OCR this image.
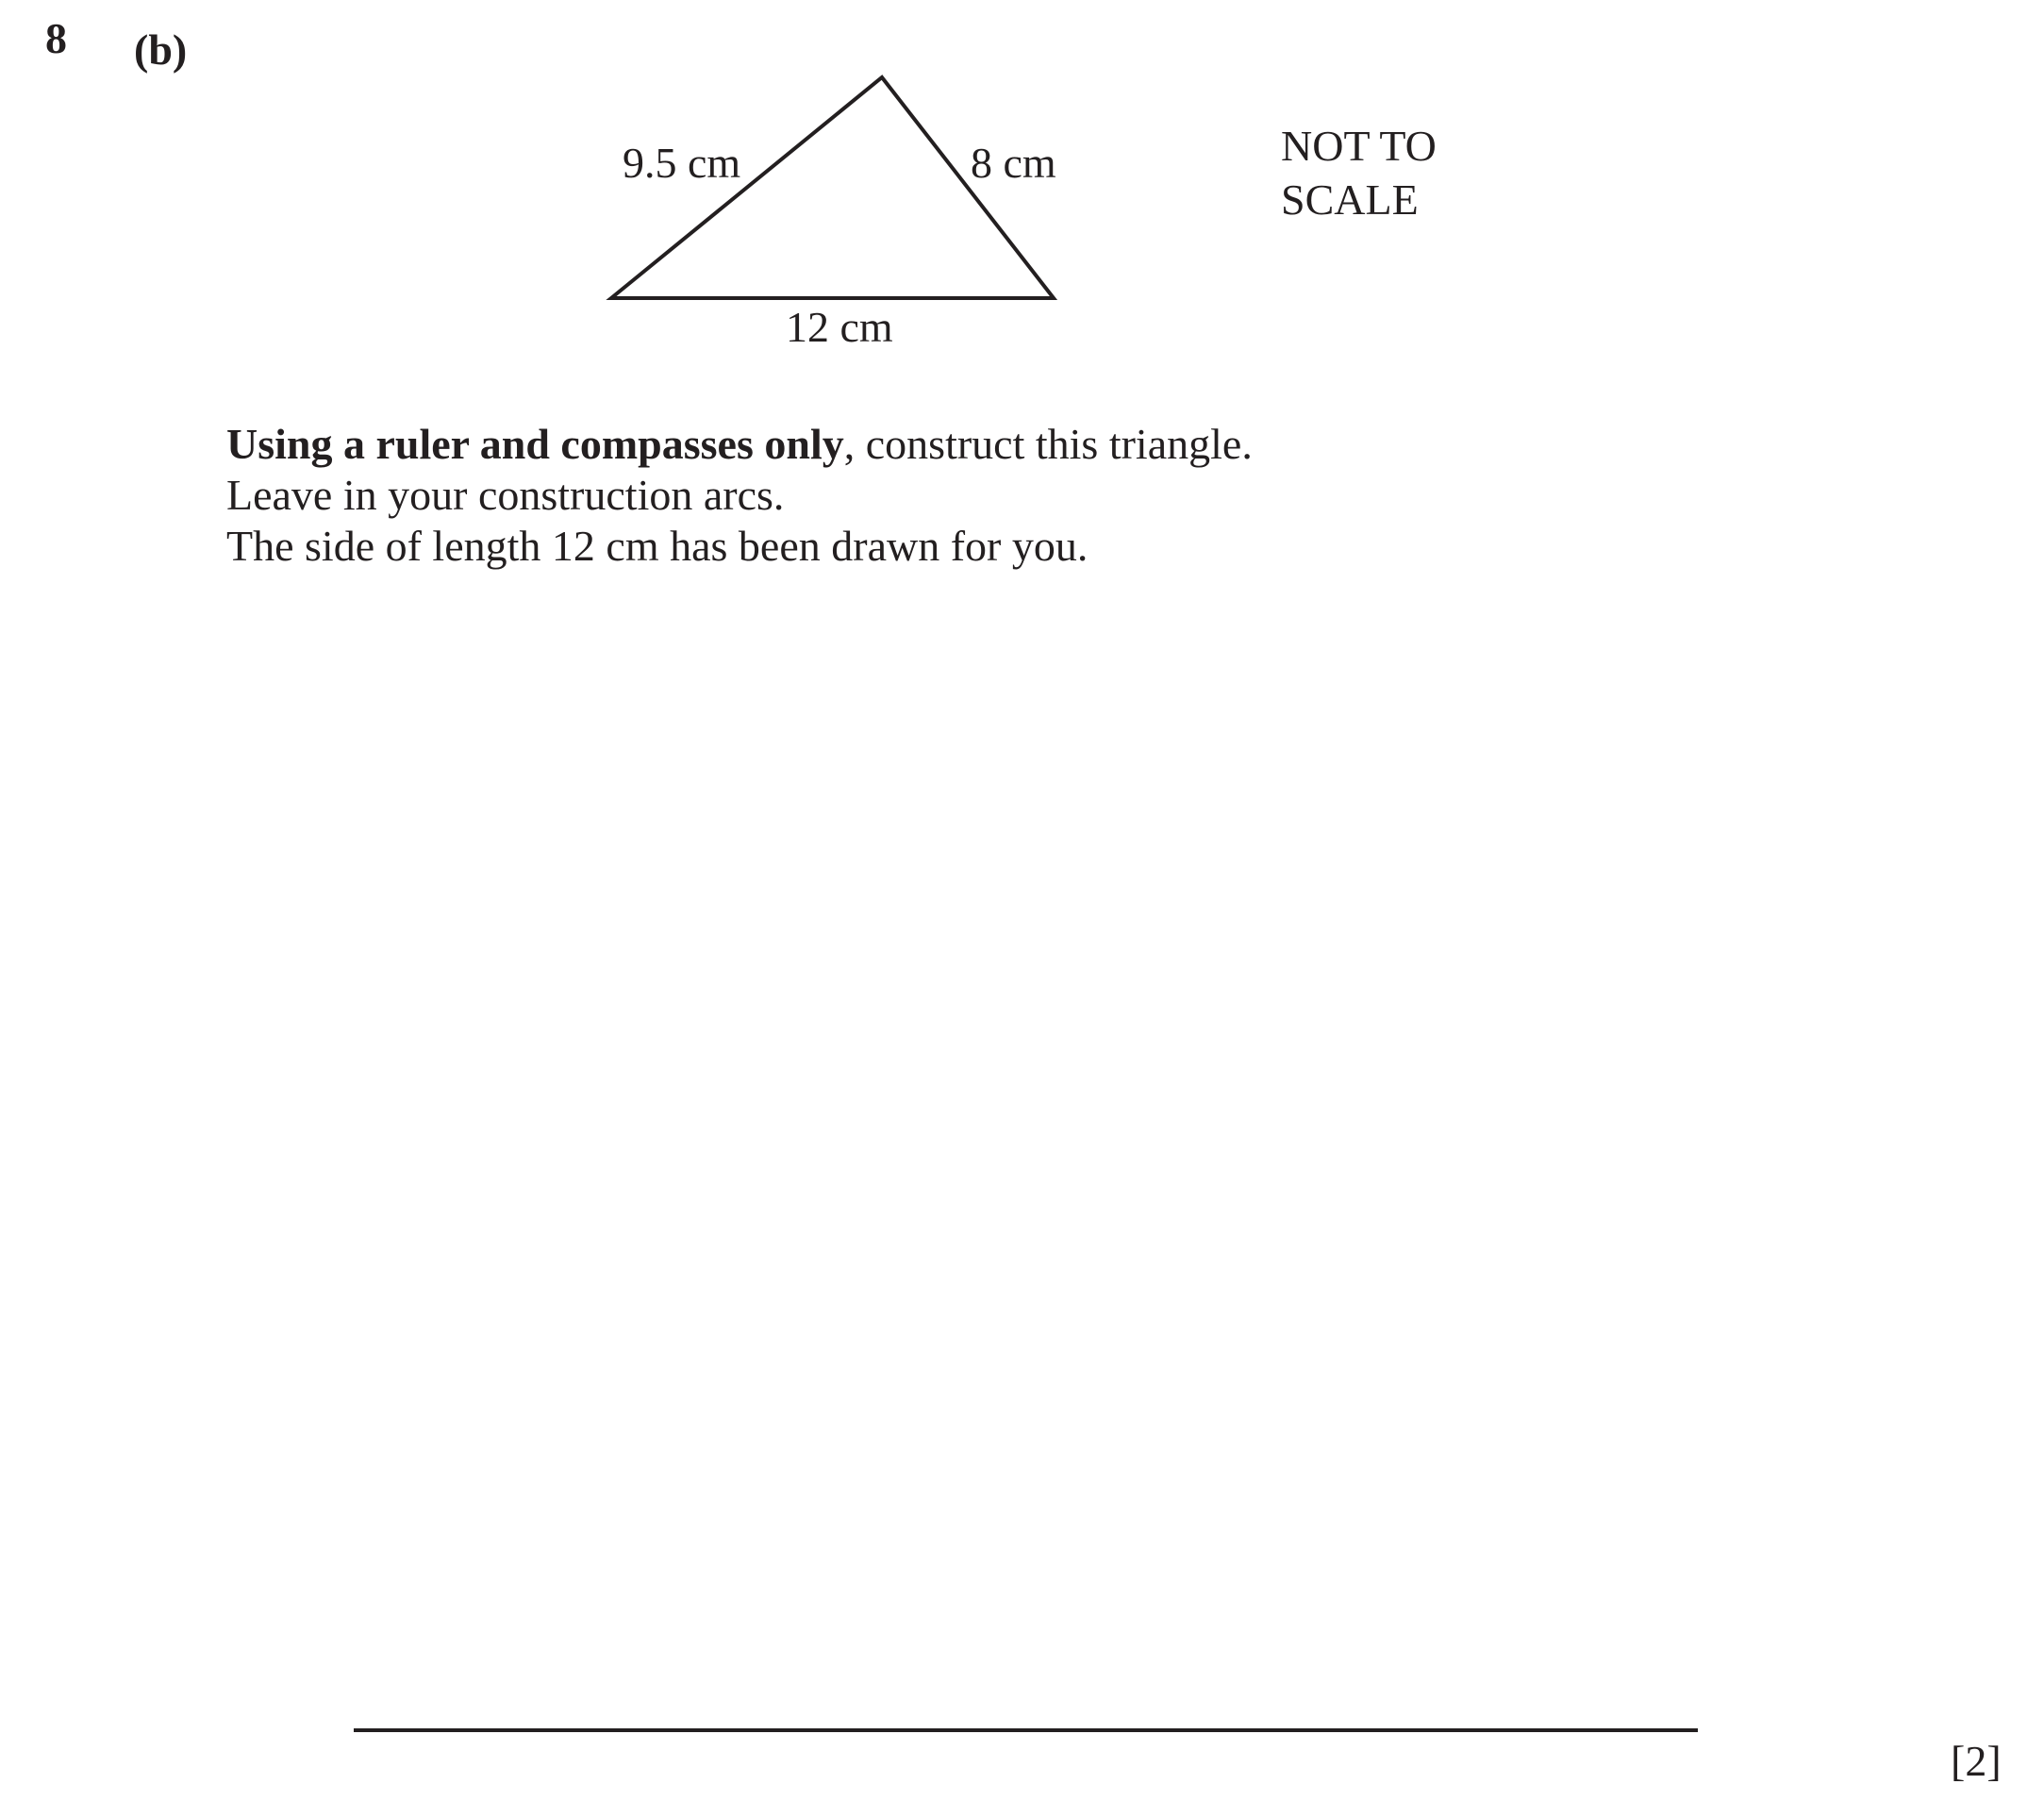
8 (b)
9.5 cm	8 cm
12 cm
NOT TO
SCALE

Using a ruler and compasses only, construct this triangle.

Leave in your construction arcs.

The side of length 12 cm has been drawn for you.

[2]
